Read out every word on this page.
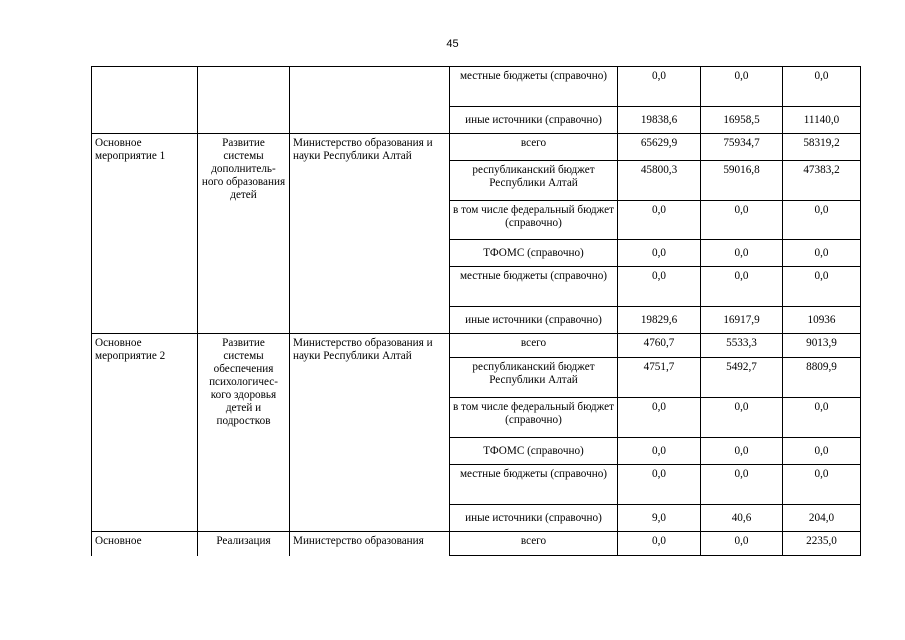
45
			местные бюджеты (справочно)	0,0	0,0	0,0
			иные источники (справочно)	19838,6	16958,5	11140,0
Основное мероприятие 1	Развитие системы дополнитель-ного образования детей	Министерство образования и науки Республики Алтай	всего	65629,9	75934,7	58319,2
			республиканский бюджет Республики Алтай	45800,3	59016,8	47383,2
			в том числе федеральный бюджет (справочно)	0,0	0,0	0,0
			ТФОМС (справочно)	0,0	0,0	0,0
			местные бюджеты (справочно)	0,0	0,0	0,0
			иные источники (справочно)	19829,6	16917,9	10936
Основное мероприятие 2	Развитие системы обеспечения психологичес-кого здоровья детей и подростков	Министерство образования и науки Республики Алтай	всего	4760,7	5533,3	9013,9
			республиканский бюджет Республики Алтай	4751,7	5492,7	8809,9
			в том числе федеральный бюджет (справочно)	0,0	0,0	0,0
			ТФОМС (справочно)	0,0	0,0	0,0
			местные бюджеты (справочно)	0,0	0,0	0,0
			иные источники (справочно)	9,0	40,6	204,0
Основное	Реализация	Министерство образования	всего	0,0	0,0	2235,0
